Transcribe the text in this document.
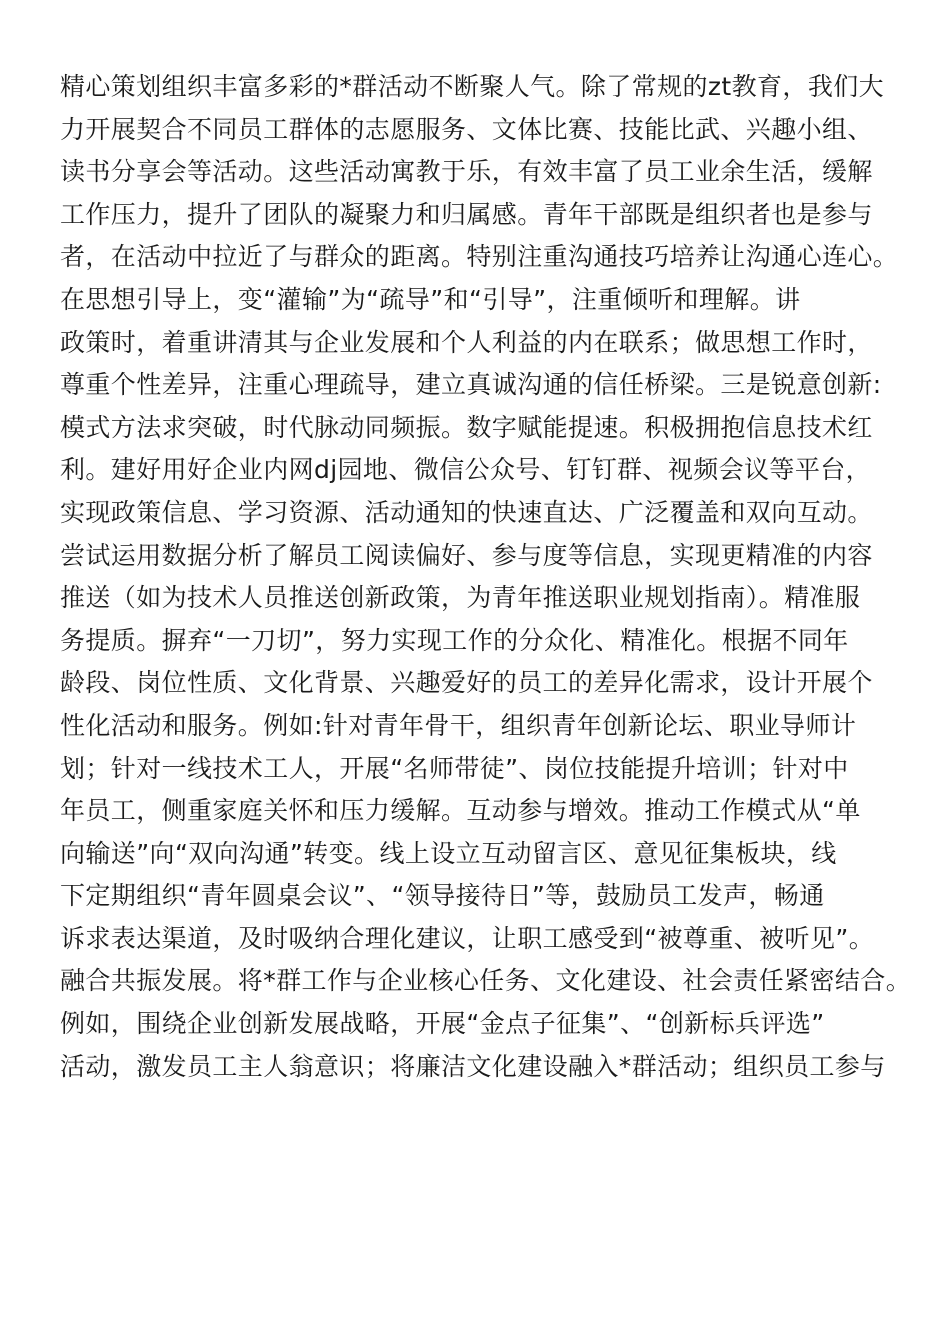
精心策划组织丰富多彩的*群活动不断聚人气。除了常规的zt教育，我们大
力开展契合不同员工群体的志愿服务、文体比赛、技能比武、兴趣小组、
读书分享会等活动。这些活动寓教于乐，有效丰富了员工业余生活，缓解
工作压力，提升了团队的凝聚力和归属感。青年干部既是组织者也是参与
者，在活动中拉近了与群众的距离。特别注重沟通技巧培养让沟通心连心。
在思想引导上，变“灌输”为“疏导”和“引导”，注重倾听和理解。讲
政策时，着重讲清其与企业发展和个人利益的内在联系；做思想工作时，
尊重个性差异，注重心理疏导，建立真诚沟通的信任桥梁。三是锐意创新:
模式方法求突破，时代脉动同频振。数字赋能提速。积极拥抱信息技术红
利。建好用好企业内网dj园地、微信公众号、钉钉群、视频会议等平台，
实现政策信息、学习资源、活动通知的快速直达、广泛覆盖和双向互动。
尝试运用数据分析了解员工阅读偏好、参与度等信息，实现更精准的内容
推送（如为技术人员推送创新政策，为青年推送职业规划指南）。精准服
务提质。摒弃“一刀切”，努力实现工作的分众化、精准化。根据不同年
龄段、岗位性质、文化背景、兴趣爱好的员工的差异化需求，设计开展个
性化活动和服务。例如:针对青年骨干，组织青年创新论坛、职业导师计
划；针对一线技术工人，开展“名师带徒”、岗位技能提升培训；针对中
年员工，侧重家庭关怀和压力缓解。互动参与增效。推动工作模式从“单
向输送”向“双向沟通”转变。线上设立互动留言区、意见征集板块，线
下定期组织“青年圆桌会议”、“领导接待日”等，鼓励员工发声，畅通
诉求表达渠道，及时吸纳合理化建议，让职工感受到“被尊重、被听见”。
融合共振发展。将*群工作与企业核心任务、文化建设、社会责任紧密结合。
例如，围绕企业创新发展战略，开展“金点子征集”、“创新标兵评选”
活动，激发员工主人翁意识；将廉洁文化建设融入*群活动；组织员工参与
